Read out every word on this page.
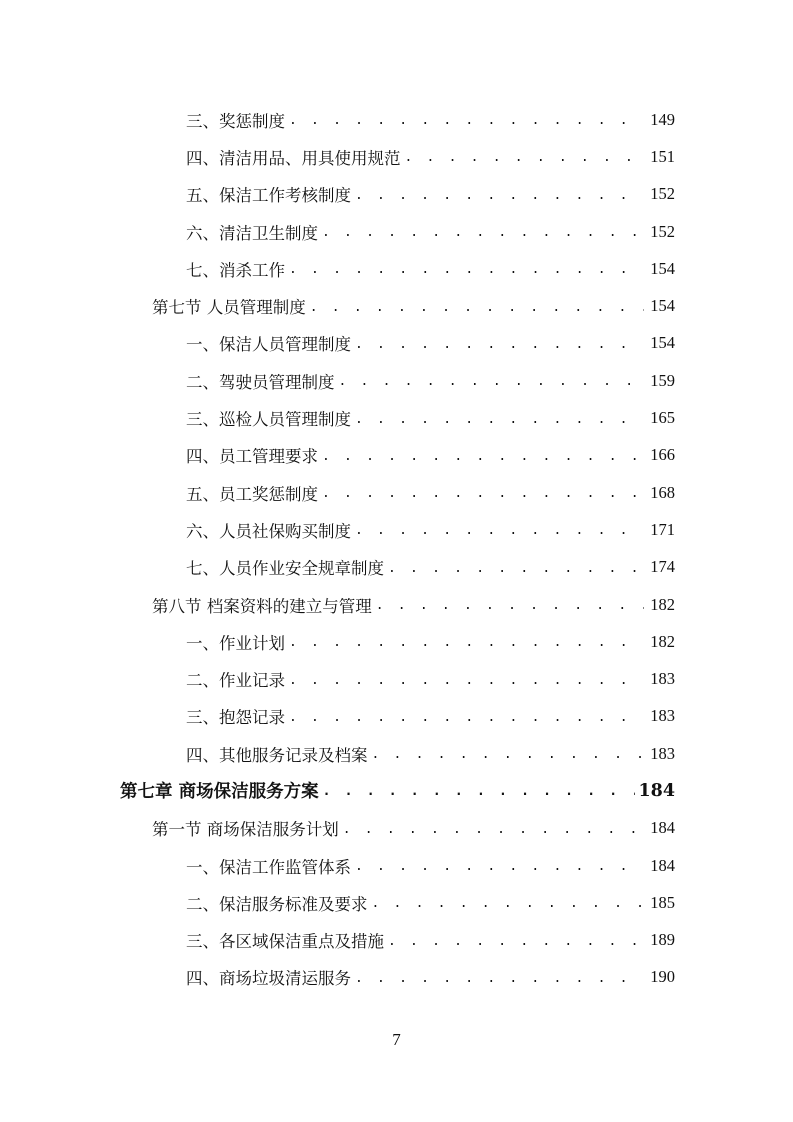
三、奖惩制度 . . .	149
四、清洁用品、用具使用规范 . . .	151
五、保洁工作考核制度 . . .	152
六、清洁卫生制度 . . .	152
七、消杀工作 . . .	154
第七节 人员管理制度 . . .	154
一、保洁人员管理制度 . . .	154
二、驾驶员管理制度 . . .	159
三、巡检人员管理制度 . . .	165
四、员工管理要求 . . .	166
五、员工奖惩制度 . . .	168
六、人员社保购买制度 . . .	171
七、人员作业安全规章制度 . . .	174
第八节 档案资料的建立与管理 . . .	182
一、作业计划 . . .	182
二、作业记录 . . .	183
三、抱怨记录 . . .	183
四、其他服务记录及档案 . . .	183
第七章 商场保洁服务方案 . . .	184
第一节 商场保洁服务计划 . . .	184
一、保洁工作监管体系 . . .	184
二、保洁服务标准及要求 . . .	185
三、各区域保洁重点及措施 . . .	189
四、商场垃圾清运服务 . . .	190
7
